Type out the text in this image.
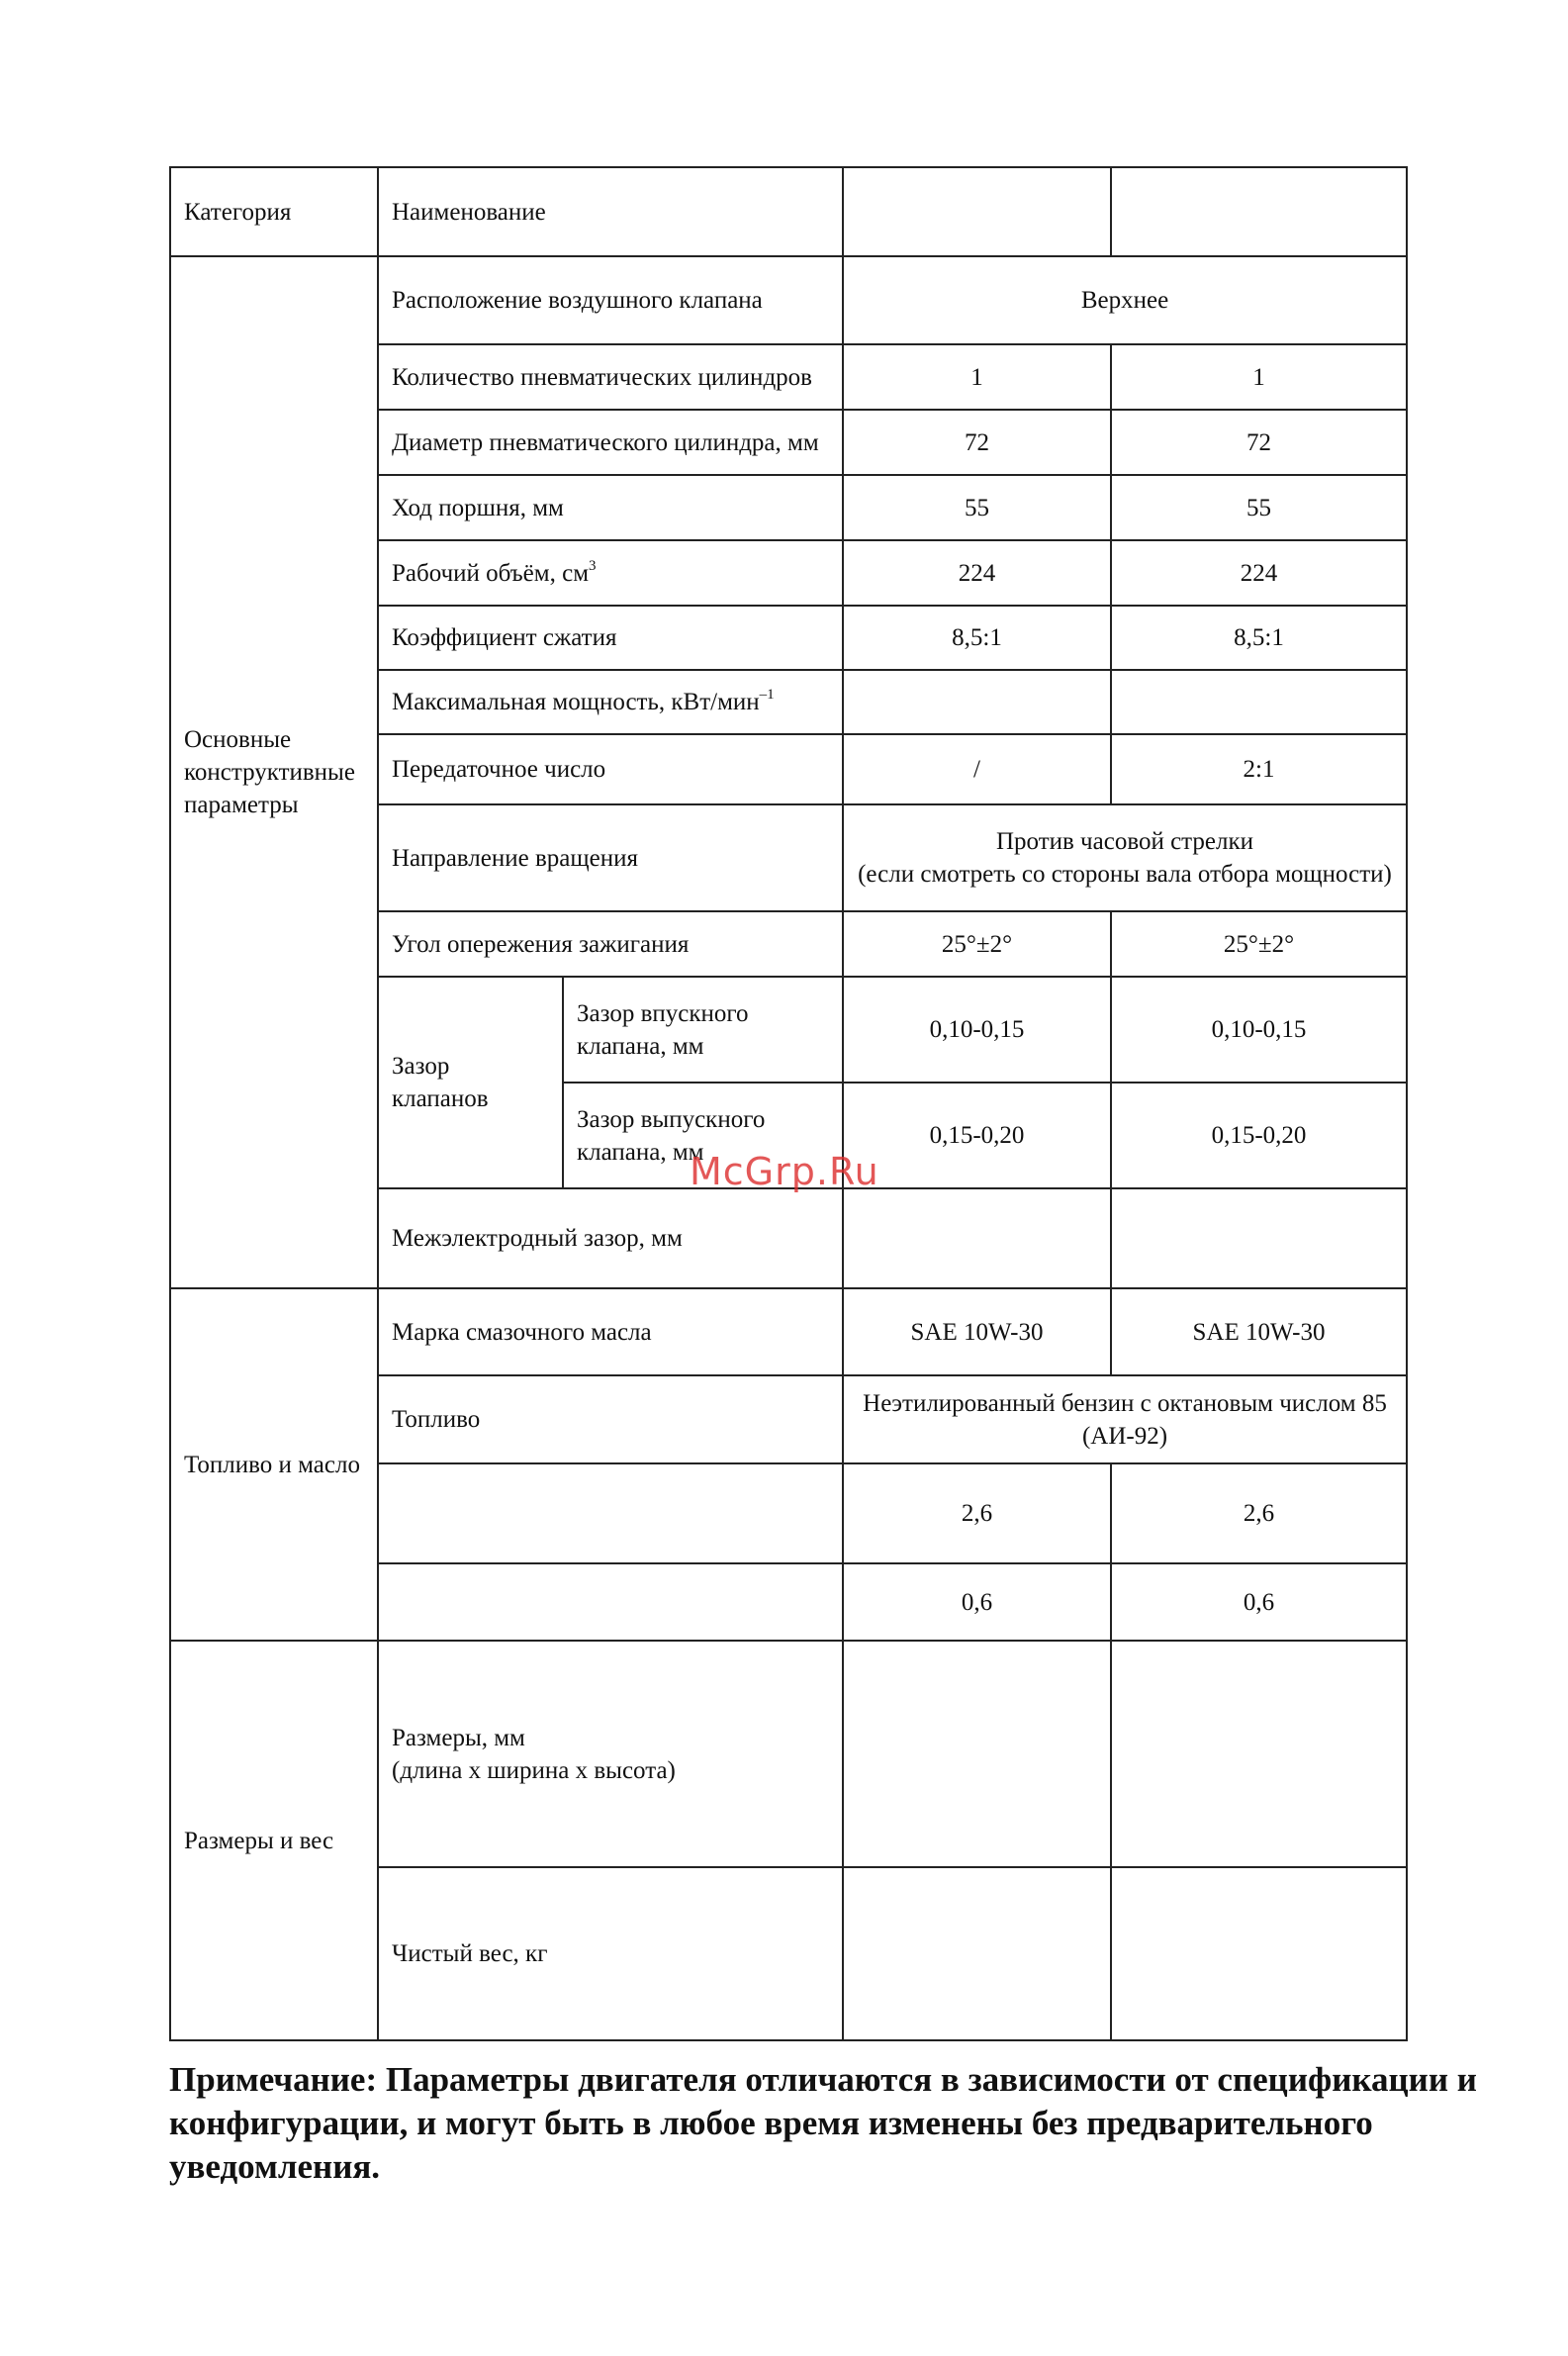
Категория	Наименование			
Основные конструктивные параметры	Расположение воздушного клапана		Верхнее	
	Количество пневматических цилиндров		1	1
	Диаметр пневматического цилиндра, мм		72	72
	Ход поршня, мм		55	55
	Рабочий объём, $см^3$		224	224
	Коэффициент сжатия		8,5:1	8,5:1
	Максимальная мощность, кВт/мин$^{-1}$		
	Передаточное число		/	2:1
	Направление вращения		Против часовой стрелки
(если смотреть со стороны вала отбора мощности)	

	Угол опережения зажигания		25°±2°	25°±2°
	Зазор клапанов	Зазор впускного клапана, мм	0,10-0,15	0,10-0,15
		Зазор выпускного клапана, мм	0,15-0,20	0,15-0,20
	Межэлектродный зазор, мм			
Топливо и масло	Марка смазочного масла		SAE 10W-30	SAE 10W-30
	Топливо		Неэтилированный бензин с октановым числом 85 (АИ-92)	
			2,6	2,6
			0,6	0,6
Размеры и вес	Размеры, мм
(длина x ширина x высота)			

	Чистый вес, кг			
McGrp.Ru
Примечание: Параметры двигателя отличаются в зависимости от спецификации и конфигурации, и могут быть в любое время изменены без предварительного уведомления.
